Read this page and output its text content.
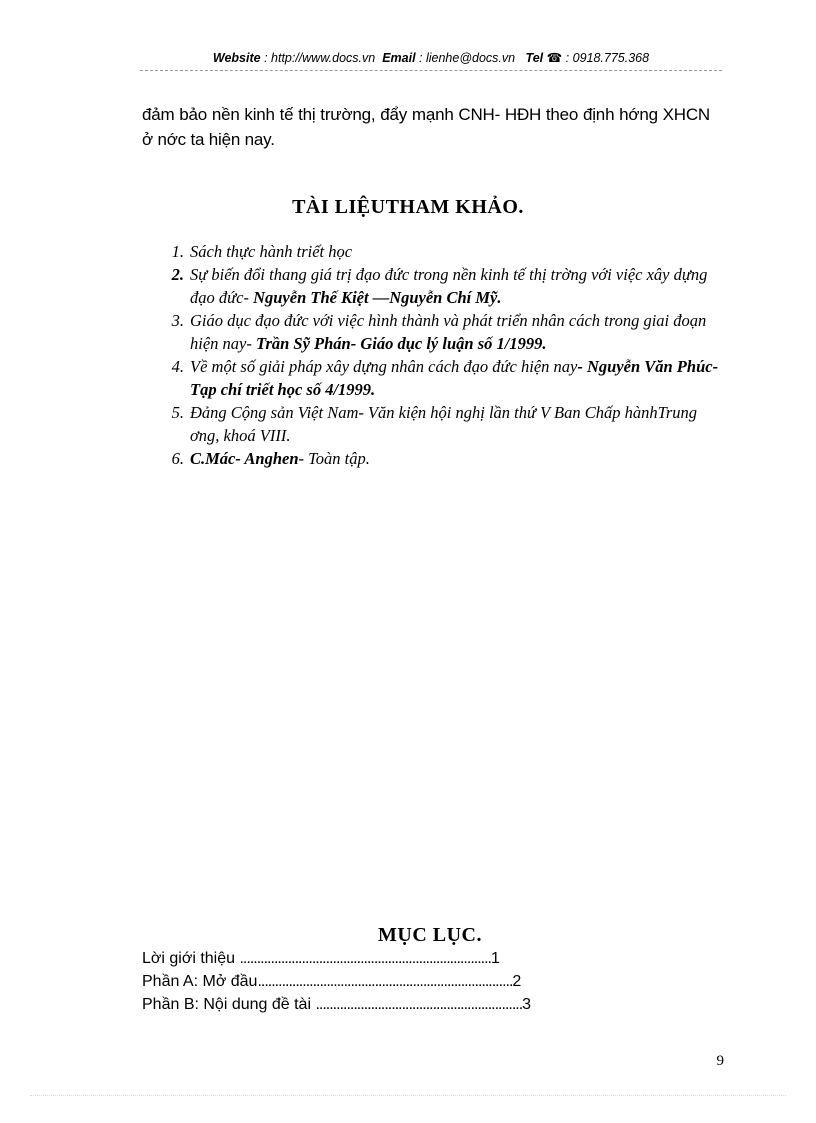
Website : http://www.docs.vn Email : lienhe@docs.vn Tel ☎ : 0918.775.368
đảm bảo nền kinh tế thị trường, đẩy mạnh CNH- HĐH theo định hớng XHCN ở nớc ta hiện nay.
TÀI LIỆUTHAM KHẢO.
1. Sách thực hành triết học
2. Sự biến đổi thang giá trị đạo đức trong nền kinh tế thị trờng với việc xây dựng đạo đức- Nguyễn Thế Kiệt —Nguyễn Chí Mỹ.
3. Giáo dục đạo đức với việc hình thành và phát triển nhân cách trong giai đoạn hiện nay- Trần Sỹ Phán- Giáo dục lý luận số 1/1999.
4. Về một số giải pháp xây dựng nhân cách đạo đức hiện nay- Nguyễn Văn Phúc- Tạp chí triết học số 4/1999.
5. Đảng Cộng sản Việt Nam- Văn kiện hội nghị lần thứ V Ban Chấp hànhTrung ơng, khoá VIII.
6. C.Mác- Anghen- Toàn tập.
MỤC LỤC.
Lời giới thiệu .........................................................................1
Phần A: Mở đầu..........................................................................2
Phần B: Nội dung đề tài ............................................................3
9
